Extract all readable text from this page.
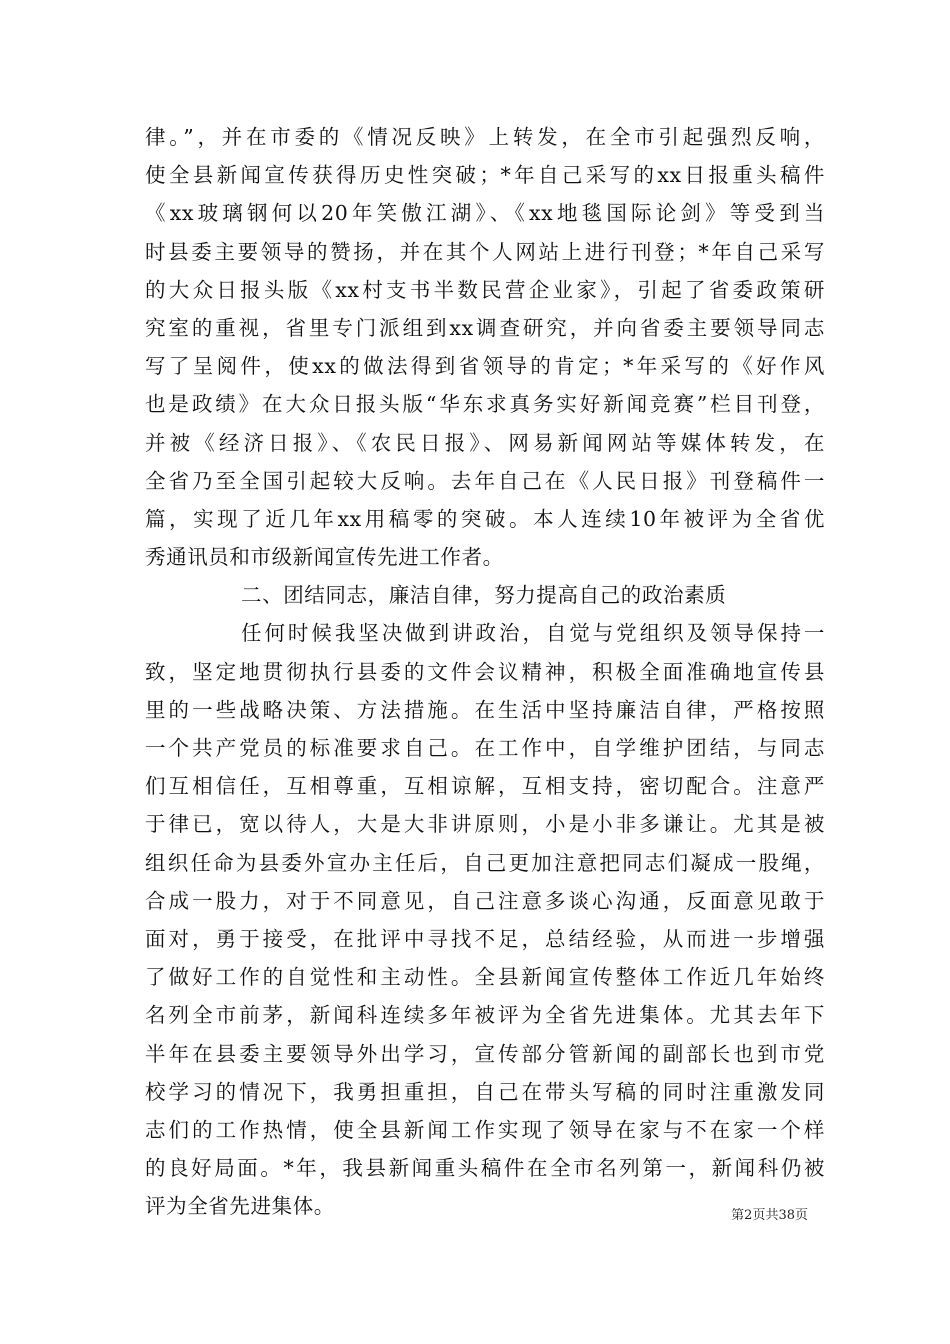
律。”，并在市委的《情况反映》上转发，在全市引起强烈反响，
使全县新闻宣传获得历史性突破；*年自己采写的xx日报重头稿件
《xx玻璃钢何以20年笑傲江湖》、《xx地毯国际论剑》等受到当
时县委主要领导的赞扬，并在其个人网站上进行刊登；*年自己采写
的大众日报头版《xx村支书半数民营企业家》，引起了省委政策研
究室的重视，省里专门派组到xx调查研究，并向省委主要领导同志
写了呈阅件，使xx的做法得到省领导的肯定；*年采写的《好作风
也是政绩》在大众日报头版“华东求真务实好新闻竞赛”栏目刊登，
并被《经济日报》、《农民日报》、网易新闻网站等媒体转发，在
全省乃至全国引起较大反响。去年自己在《人民日报》刊登稿件一
篇，实现了近几年xx用稿零的突破。本人连续10年被评为全省优
秀通讯员和市级新闻宣传先进工作者。
二、团结同志，廉洁自律，努力提高自己的政治素质
任何时候我坚决做到讲政治，自觉与党组织及领导保持一
致，坚定地贯彻执行县委的文件会议精神，积极全面准确地宣传县
里的一些战略决策、方法措施。在生活中坚持廉洁自律，严格按照
一个共产党员的标准要求自己。在工作中，自学维护团结，与同志
们互相信任，互相尊重，互相谅解，互相支持，密切配合。注意严
于律已，宽以待人，大是大非讲原则，小是小非多谦让。尤其是被
组织任命为县委外宣办主任后，自己更加注意把同志们凝成一股绳，
合成一股力，对于不同意见，自己注意多谈心沟通，反面意见敢于
面对，勇于接受，在批评中寻找不足，总结经验，从而进一步增强
了做好工作的自觉性和主动性。全县新闻宣传整体工作近几年始终
名列全市前茅，新闻科连续多年被评为全省先进集体。尤其去年下
半年在县委主要领导外出学习，宣传部分管新闻的副部长也到市党
校学习的情况下，我勇担重担，自己在带头写稿的同时注重激发同
志们的工作热情，使全县新闻工作实现了领导在家与不在家一个样
的良好局面。*年，我县新闻重头稿件在全市名列第一，新闻科仍被
评为全省先进集体。	第2页共38页
